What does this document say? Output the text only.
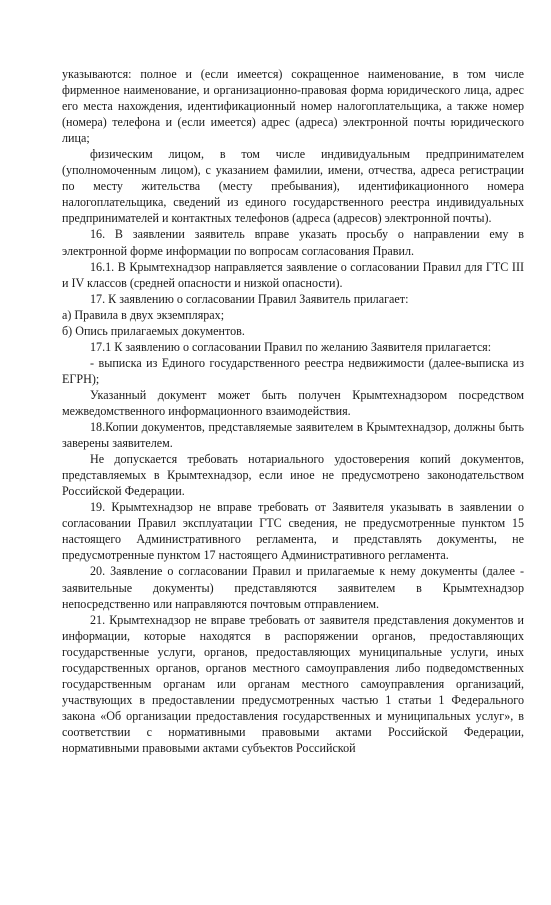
указываются: полное и (если имеется) сокращенное наименование, в том числе фирменное наименование, и организационно-правовая форма юридического лица, адрес его места нахождения, идентификационный номер налогоплательщика, а также номер (номера) телефона и (если имеется) адрес (адреса) электронной почты юридического лица;

физическим лицом, в том числе индивидуальным предпринимателем (уполномоченным лицом), с указанием фамилии, имени, отчества, адреса регистрации по месту жительства (месту пребывания), идентификационного номера налогоплательщика, сведений из единого государственного реестра индивидуальных предпринимателей и контактных телефонов (адреса (адресов) электронной почты).

16. В заявлении заявитель вправе указать просьбу о направлении ему в электронной форме информации по вопросам согласования Правил.

16.1. В Крымтехнадзор направляется заявление о согласовании Правил для ГТС III и IV классов (средней опасности и низкой опасности).

17. К заявлению о согласовании Правил Заявитель прилагает:

а) Правила в двух экземплярах;

б) Опись прилагаемых документов.

17.1 К заявлению о согласовании Правил по желанию Заявителя прилагается:

- выписка из Единого государственного реестра недвижимости (далее-выписка из ЕГРН);

Указанный документ может быть получен Крымтехнадзором посредством межведомственного информационного взаимодействия.

18.Копии документов, представляемые заявителем в Крымтехнадзор, должны быть заверены заявителем.

Не допускается требовать нотариального удостоверения копий документов, представляемых в Крымтехнадзор, если иное не предусмотрено законодательством Российской Федерации.

19. Крымтехнадзор не вправе требовать от Заявителя указывать в заявлении о согласовании Правил эксплуатации ГТС сведения, не предусмотренные пунктом 15 настоящего Административного регламента, и представлять документы, не предусмотренные пунктом 17 настоящего Административного регламента.

20. Заявление о согласовании Правил и прилагаемые к нему документы (далее - заявительные документы) представляются заявителем в Крымтехнадзор непосредственно или направляются почтовым отправлением.

21. Крымтехнадзор не вправе требовать от заявителя представления документов и информации, которые находятся в распоряжении органов, предоставляющих государственные услуги, органов, предоставляющих муниципальные услуги, иных государственных органов, органов местного самоуправления либо подведомственных государственным органам или органам местного самоуправления организаций, участвующих в предоставлении предусмотренных частью 1 статьи 1 Федерального закона «Об организации предоставления государственных и муниципальных услуг», в соответствии с нормативными правовыми актами Российской Федерации, нормативными правовыми актами субъектов Российской
